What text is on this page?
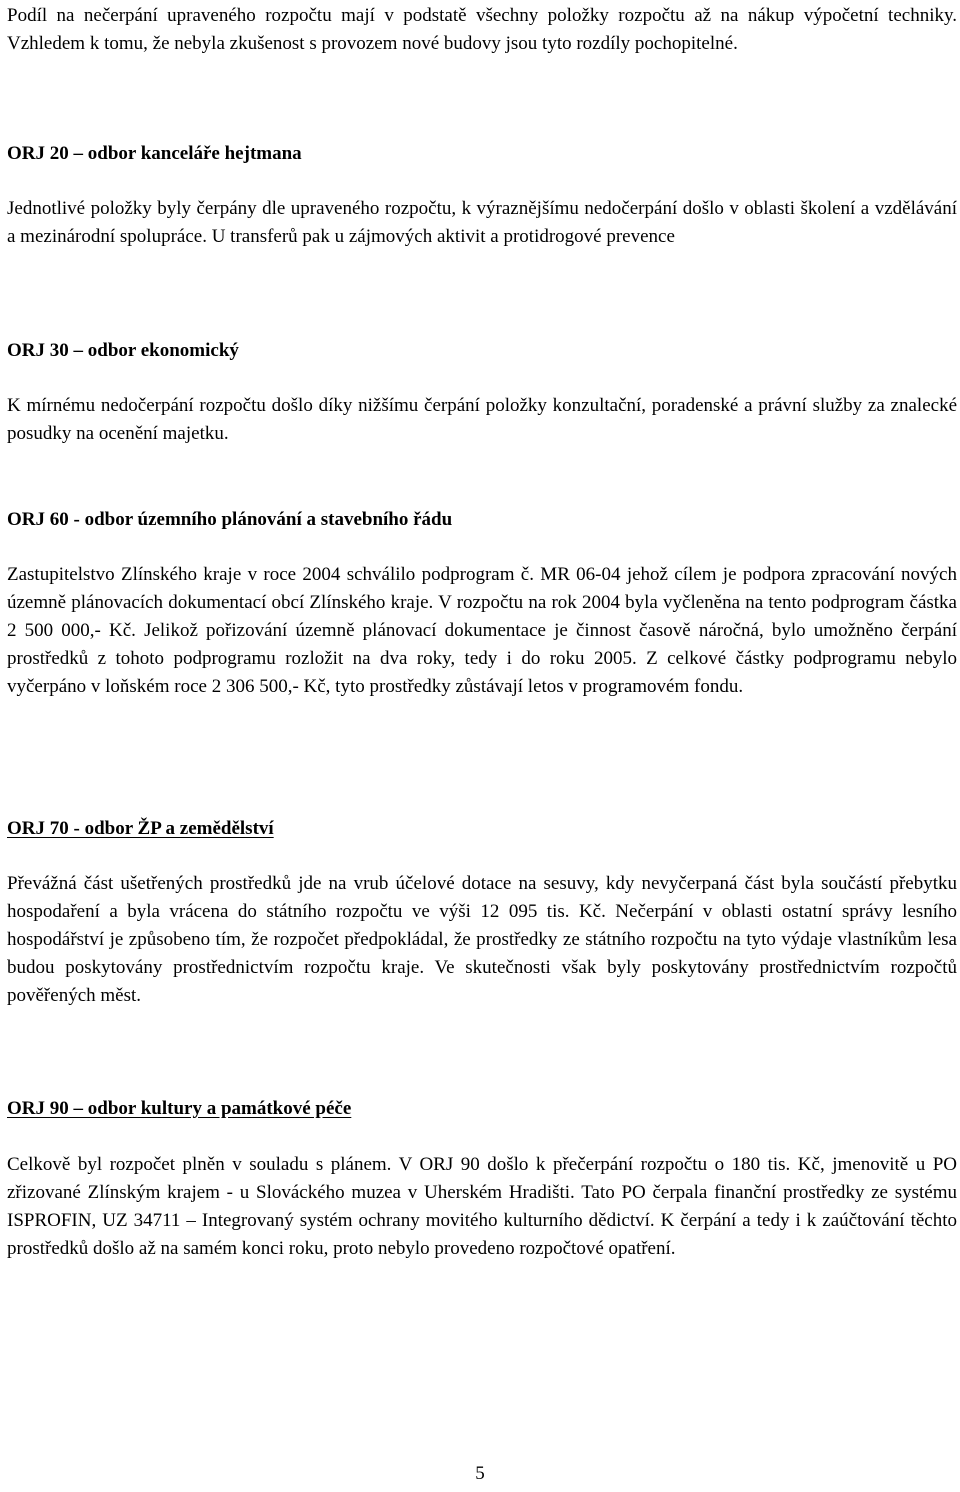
Podíl na nečerpání upraveného rozpočtu mají v podstatě všechny položky rozpočtu až na nákup výpočetní techniky. Vzhledem k tomu, že nebyla zkušenost s provozem nové budovy jsou tyto rozdíly pochopitelné.

ORJ 20 – odbor kanceláře hejtmana

Jednotlivé položky byly čerpány dle upraveného rozpočtu, k výraznějšímu nedočerpání došlo v oblasti školení a vzdělávání a mezinárodní spolupráce. U transferů pak u zájmových aktivit a protidrogové prevence

ORJ 30 – odbor ekonomický

K mírnému nedočerpání rozpočtu došlo díky nižšímu čerpání položky konzultační, poradenské a právní služby za znalecké posudky na ocenění majetku.

ORJ 60 - odbor územního plánování a stavebního řádu

Zastupitelstvo Zlínského kraje v roce 2004 schválilo podprogram č. MR 06-04 jehož cílem je podpora zpracování nových územně plánovacích dokumentací obcí Zlínského kraje. V rozpočtu na rok 2004 byla vyčleněna na tento podprogram částka 2 500 000,- Kč. Jelikož pořizování územně plánovací dokumentace je činnost časově náročná, bylo umožněno čerpání prostředků z tohoto podprogramu rozložit na dva roky, tedy i do roku 2005. Z celkové částky podprogramu nebylo vyčerpáno v loňském roce 2 306 500,- Kč, tyto prostředky zůstávají letos v programovém fondu.

ORJ 70 - odbor ŽP a zemědělství

Převážná část ušetřených prostředků jde na vrub účelové dotace na sesuvy, kdy nevyčerpaná část byla součástí přebytku hospodaření a byla vrácena do státního rozpočtu ve výši 12 095 tis. Kč. Nečerpání v oblasti ostatní správy lesního hospodářství je způsobeno tím, že rozpočet předpokládal, že prostředky ze státního rozpočtu na tyto výdaje vlastníkům lesa budou poskytovány prostřednictvím rozpočtu kraje. Ve skutečnosti však byly poskytovány prostřednictvím rozpočtů pověřených měst.

ORJ 90 – odbor kultury a památkové péče

Celkově byl rozpočet plněn v souladu s plánem. V ORJ 90 došlo k přečerpání rozpočtu o 180 tis. Kč, jmenovitě u PO zřizované Zlínským krajem - u Slováckého muzea v Uherském Hradišti. Tato PO čerpala finanční prostředky ze systému ISPROFIN, UZ 34711 – Integrovaný systém ochrany movitého kulturního dědictví. K čerpání a tedy i k zaúčtování těchto prostředků došlo až na samém konci roku, proto nebylo provedeno rozpočtové opatření.

5
